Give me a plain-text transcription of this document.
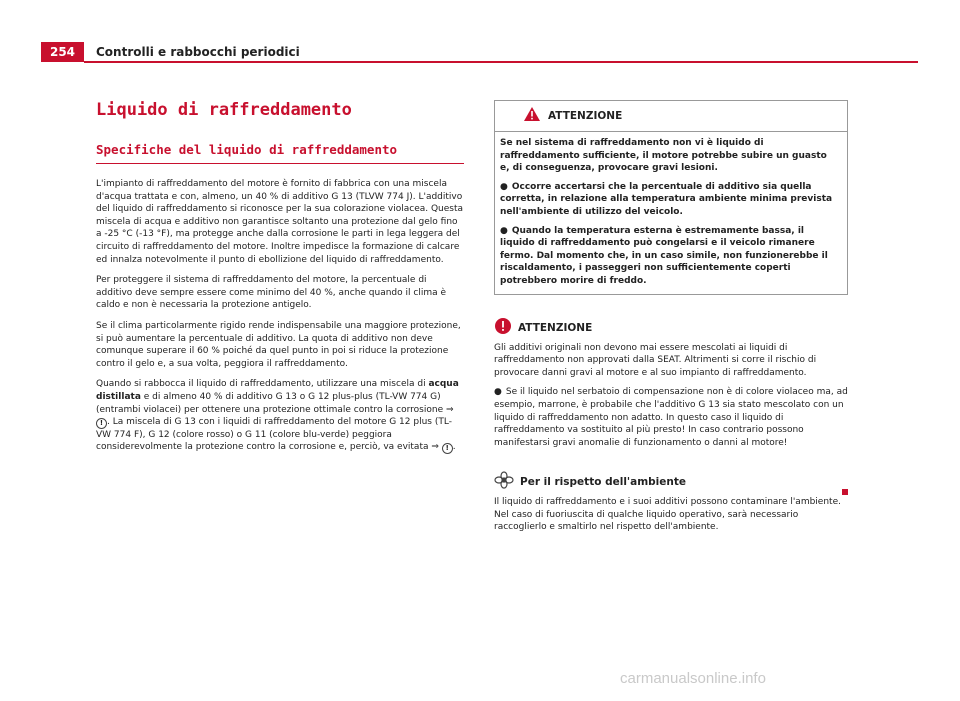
254	Controlli e rabbocchi periodici
Liquido di raffreddamento
Specifiche del liquido di raffreddamento

L'impianto di raffreddamento del motore è fornito di fabbrica con una miscela d'acqua trattata e con, almeno, un 40 % di additivo G 13 (TLVW 774 J). L'additivo del liquido di raffreddamento si riconosce per la sua colorazione violacea. Questa miscela di acqua e additivo non garantisce soltanto una protezione dal gelo fino a -25 °C (-13 °F), ma protegge anche dalla corrosione le parti in lega leggera del circuito di raffreddamento del motore. Inoltre impedisce la formazione di calcare ed innalza notevolmente il punto di ebollizione del liquido di raffreddamento.

Per proteggere il sistema di raffreddamento del motore, la percentuale di additivo deve sempre essere come minimo del 40 %, anche quando il clima è caldo e non è necessaria la protezione antigelo.

Se il clima particolarmente rigido rende indispensabile una maggiore protezione, si può aumentare la percentuale di additivo. La quota di additivo non deve comunque superare il 60 % poiché da quel punto in poi si riduce la protezione contro il gelo e, a sua volta, peggiora il raffreddamento.

Quando si rabbocca il liquido di raffreddamento, utilizzare una miscela di acqua distillata e di almeno 40 % di additivo G 13 o G 12 plus-plus (TL-VW 774 G) (entrambi violacei) per ottenere una protezione ottimale contro la corrosione ⇒ ! . La miscela di G 13 con i liquidi di raffreddamento del motore G 12 plus (TL-VW 774 F), G 12 (colore rosso) o G 11 (colore blu-verde) peggiora considerevolmente la protezione contro la corrosione e, perciò, va evitata ⇒ ! .

ATTENZIONE

Se nel sistema di raffreddamento non vi è liquido di raffreddamento sufficiente, il motore potrebbe subire un guasto e, di conseguenza, provocare gravi lesioni.

● Occorre accertarsi che la percentuale di additivo sia quella corretta, in relazione alla temperatura ambiente minima prevista nell'ambiente di utilizzo del veicolo.

● Quando la temperatura esterna è estremamente bassa, il liquido di raffreddamento può congelarsi e il veicolo rimanere fermo. Dal momento che, in un caso simile, non funzionerebbe il riscaldamento, i passeggeri non sufficientemente coperti potrebbero morire di freddo.

ATTENZIONE

Gli additivi originali non devono mai essere mescolati ai liquidi di raffreddamento non approvati dalla SEAT. Altrimenti si corre il rischio di provocare danni gravi al motore e al suo impianto di raffreddamento.

● Se il liquido nel serbatoio di compensazione non è di colore violaceo ma, ad esempio, marrone, è probabile che l'additivo G 13 sia stato mescolato con un liquido di raffreddamento non adatto. In questo caso il liquido di raffreddamento va sostituito al più presto! In caso contrario possono manifestarsi gravi anomalie di funzionamento o danni al motore!

Per il rispetto dell'ambiente

Il liquido di raffreddamento e i suoi additivi possono contaminare l'ambiente. Nel caso di fuoriuscita di qualche liquido operativo, sarà necessario raccoglierlo e smaltirlo nel rispetto dell'ambiente.

carmanualsonline.info
